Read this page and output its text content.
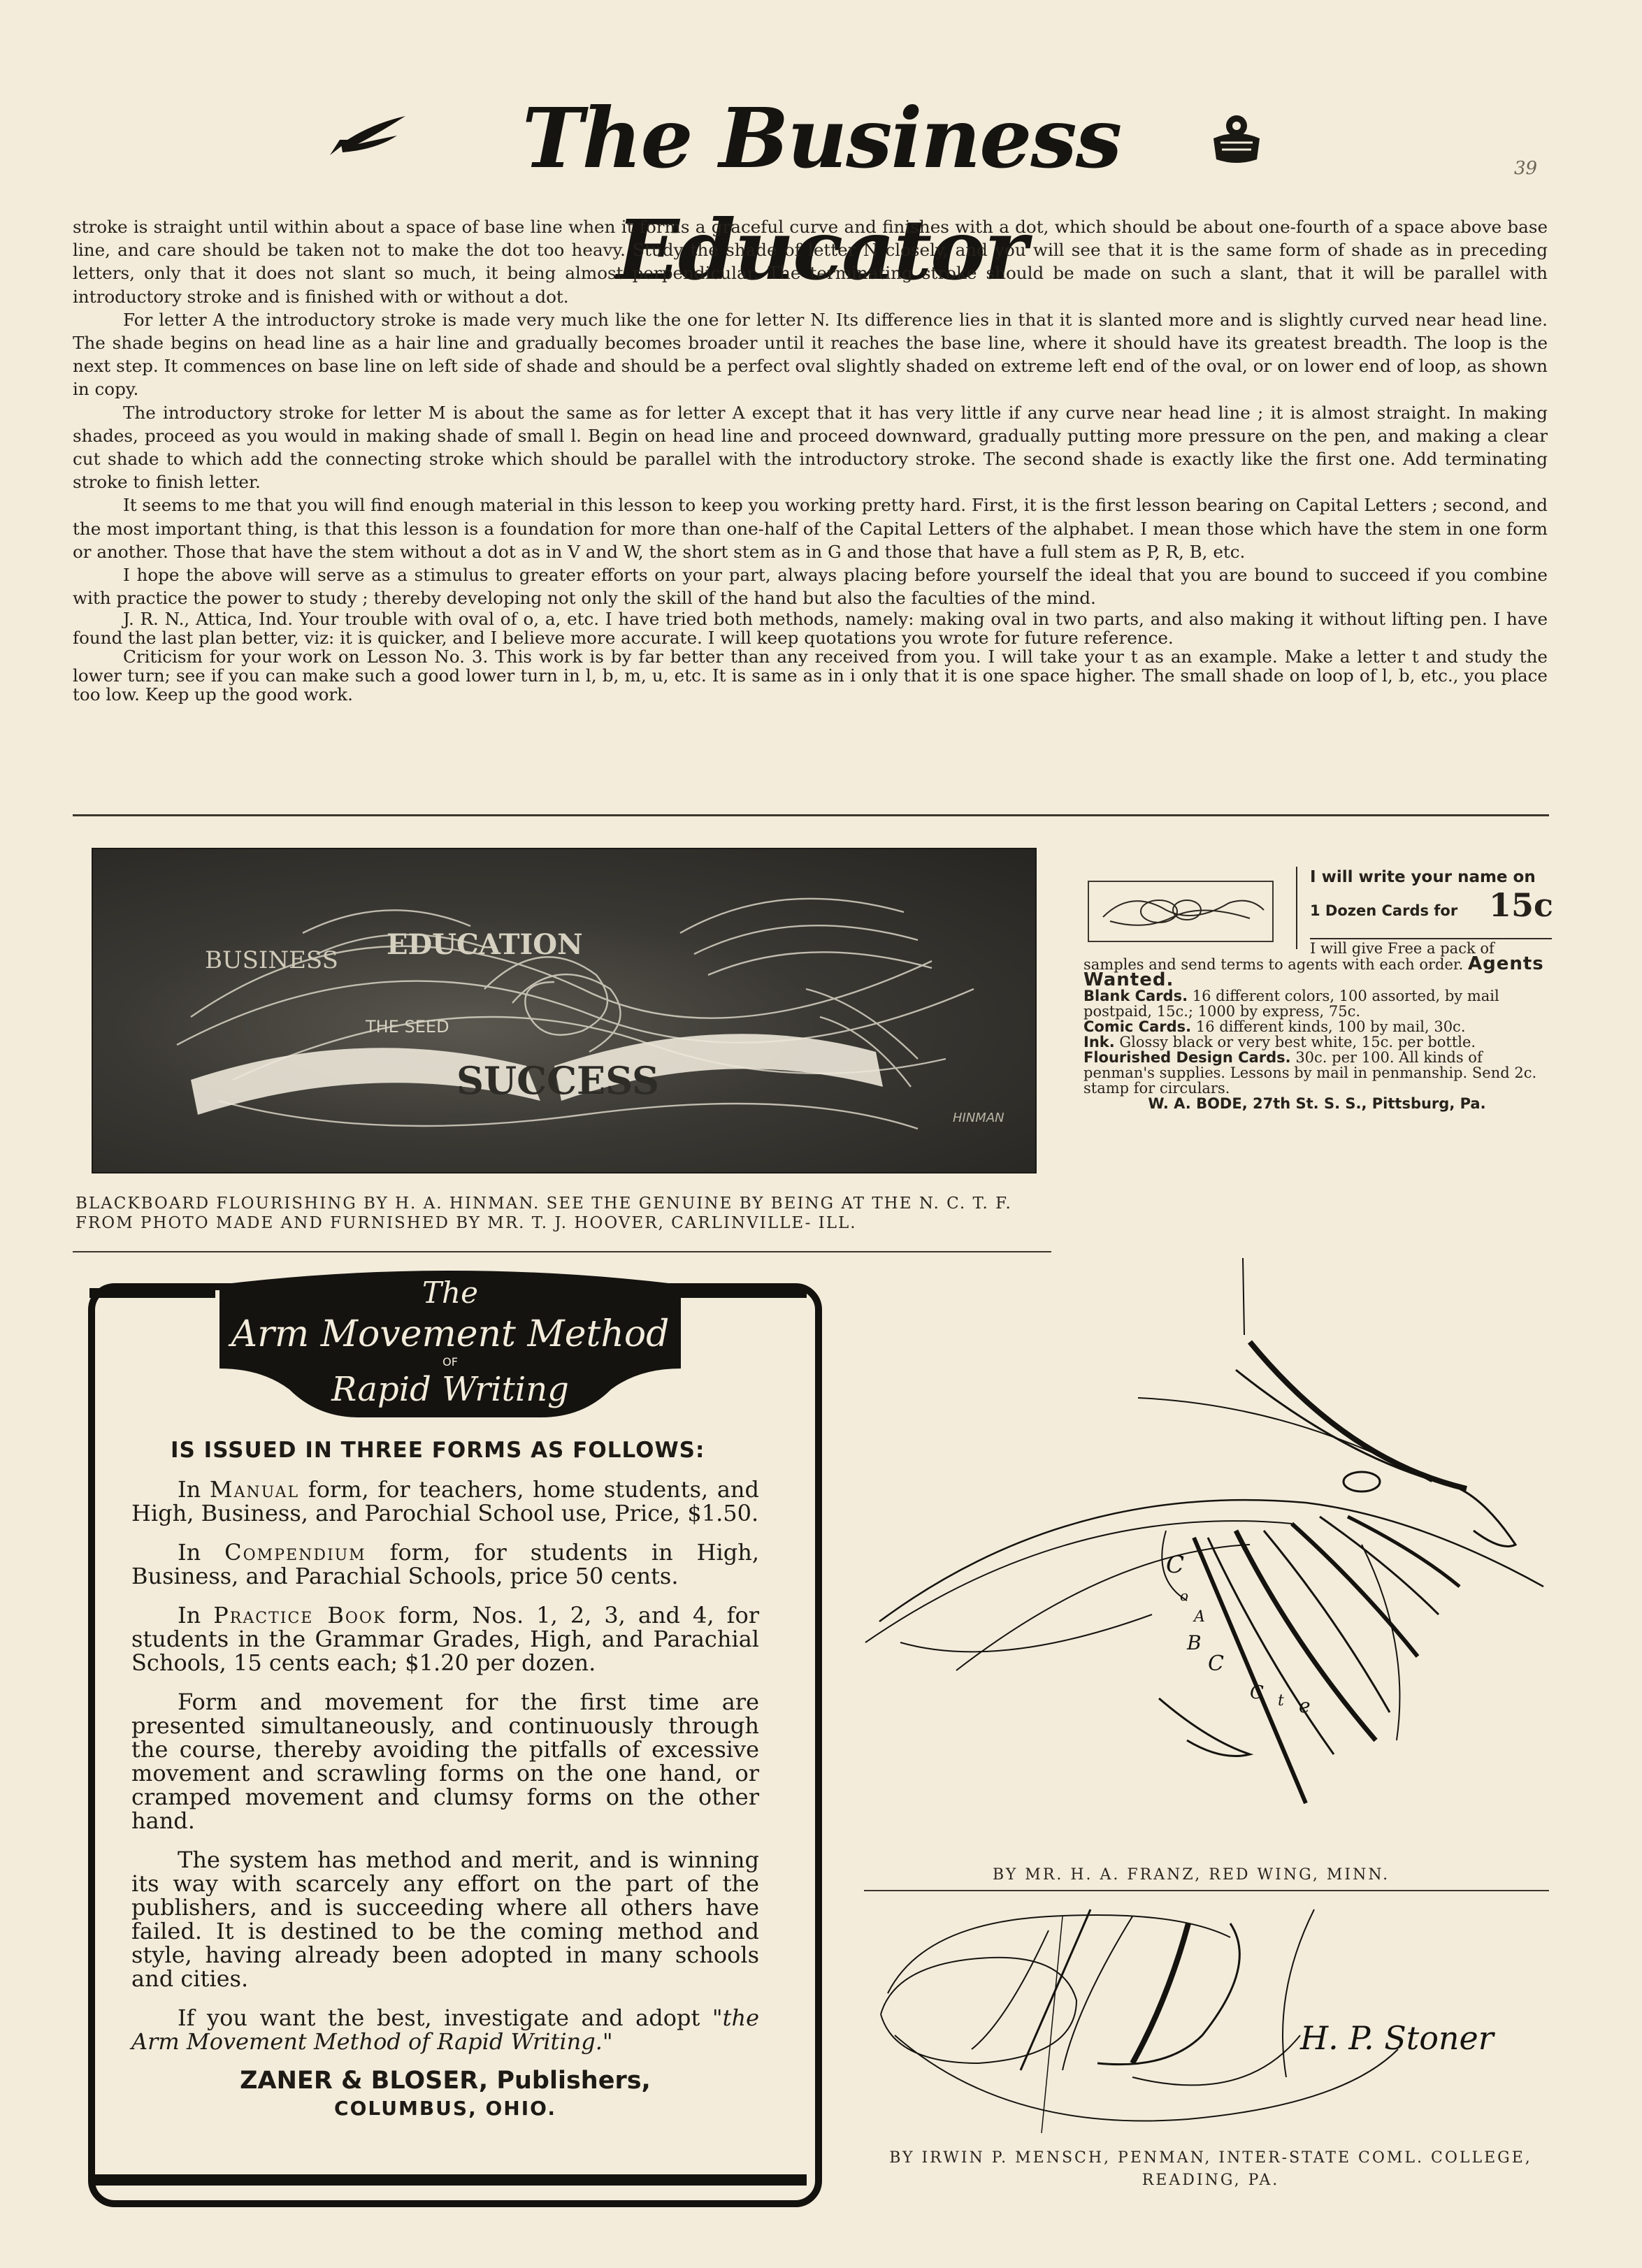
The Business Educator
39

stroke is straight until within about a space of base line when it forms a graceful curve and finishes with a dot, which should be about one-fourth of a space above base line, and care should be taken not to make the dot too heavy. Study the shade of letter N closely, and you will see that it is the same form of shade as in preceding letters, only that it does not slant so much, it being almost perpendicular. The terminating stroke should be made on such a slant, that it will be parallel with introductory stroke and is finished with or without a dot.

For letter A the introductory stroke is made very much like the one for letter N. Its difference lies in that it is slanted more and is slightly curved near head line. The shade begins on head line as a hair line and gradually becomes broader until it reaches the base line, where it should have its greatest breadth. The loop is the next step. It commences on base line on left side of shade and should be a perfect oval slightly shaded on extreme left end of the oval, or on lower end of loop, as shown in copy.

The introductory stroke for letter M is about the same as for letter A except that it has very little if any curve near head line ; it is almost straight. In making shades, proceed as you would in making shade of small l. Begin on head line and proceed downward, gradually putting more pressure on the pen, and making a clear cut shade to which add the connecting stroke which should be parallel with the introductory stroke. The second shade is exactly like the first one. Add terminating stroke to finish letter.

It seems to me that you will find enough material in this lesson to keep you working pretty hard. First, it is the first lesson bearing on Capital Letters ; second, and the most important thing, is that this lesson is a foundation for more than one-half of the Capital Letters of the alphabet. I mean those which have the stem in one form or another. Those that have the stem without a dot as in V and W, the short stem as in G and those that have a full stem as P, R, B, etc.

I hope the above will serve as a stimulus to greater efforts on your part, always placing before yourself the ideal that you are bound to succeed if you combine with practice the power to study ; thereby developing not only the skill of the hand but also the faculties of the mind.

J. R. N., Attica, Ind. Your trouble with oval of o, a, etc. I have tried both methods, namely: making oval in two parts, and also making it without lifting pen. I have found the last plan better, viz: it is quicker, and I believe more accurate. I will keep quotations you wrote for future reference.

Criticism for your work on Lesson No. 3. This work is by far better than any received from you. I will take your t as an example. Make a letter t and study the lower turn; see if you can make such a good lower turn in l, b, m, u, etc. It is same as in i only that it is one space higher. The small shade on loop of l, b, etc., you place too low. Keep up the good work.

EDUCATION
BUSINESS
THE SEED
SUCCESS
HINMAN
BLACKBOARD FLOURISHING BY H. A. HINMAN. SEE THE GENUINE BY BEING AT THE N. C. T. F. FROM PHOTO MADE AND FURNISHED BY MR. T. J. HOOVER, CARLINVILLE- ILL.
I will write your name on
1 Dozen Cards for 15c

I will give Free a pack of

samples and send terms to agents with each order. Agents Wanted.

Blank Cards. 16 different colors, 100 assorted, by mail postpaid, 15c.; 1000 by express, 75c.

Comic Cards. 16 different kinds, 100 by mail, 30c.

Ink. Glossy black or very best white, 15c. per bottle.

Flourished Design Cards. 30c. per 100. All kinds of penman's supplies. Lessons by mail in penmanship. Send 2c. stamp for circulars.

W. A. BODE, 27th St. S. S., Pittsburg, Pa.

The
Arm Movement Method
OF
Rapid Writing

IS ISSUED IN THREE FORMS AS FOLLOWS:

In Manual form, for teachers, home students, and High, Business, and Parochial School use, Price, $1.50.

In Compendium form, for students in High, Business, and Parachial Schools, price 50 cents.

In Practice Book form, Nos. 1, 2, 3, and 4, for students in the Grammar Grades, High, and Parachial Schools, 15 cents each; $1.20 per dozen.

Form and movement for the first time are presented simultaneously, and continuously through the course, thereby avoiding the pitfalls of excessive movement and scrawling forms on the one hand, or cramped movement and clumsy forms on the other hand.

The system has method and merit, and is winning its way with scarcely any effort on the part of the publishers, and is succeeding where all others have failed. It is destined to be the coming method and style, having already been adopted in many schools and cities.

If you want the best, investigate and adopt "the Arm Movement Method of Rapid Writing."

ZANER & BLOSER, Publishers,

COLUMBUS, OHIO.

C
o
A
B
C
C t e
BY MR. H. A. FRANZ, RED WING, MINN.
H. P. Stoner
BY IRWIN P. MENSCH, PENMAN, INTER-STATE COML. COLLEGE,
READING, PA.
